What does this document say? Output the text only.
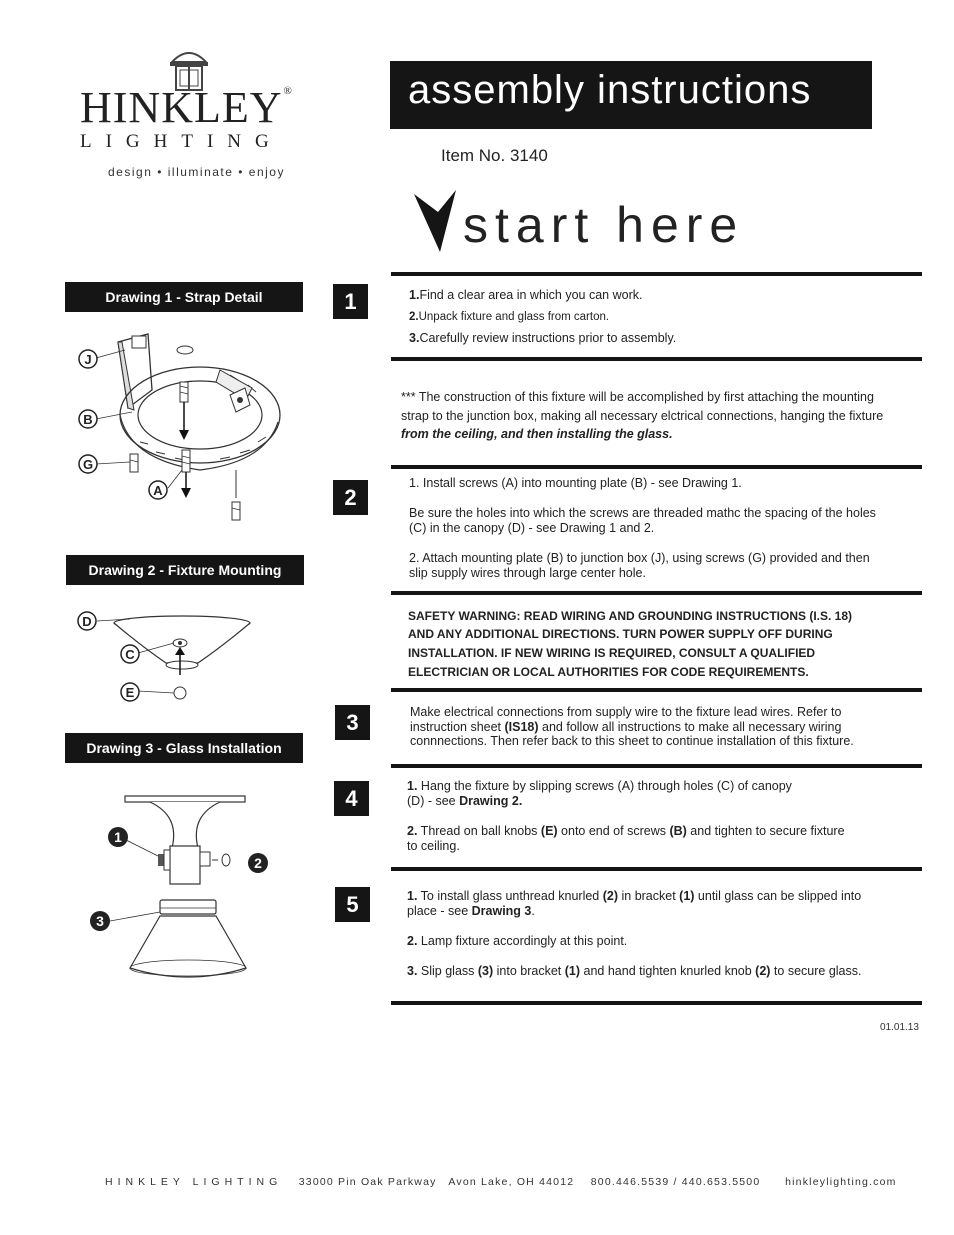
HINKLEY®
LIGHTING
design • illuminate • enjoy
assembly instructions
Item No. 3140
start here
Drawing 1 - Strap Detail
Drawing 2 - Fixture Mounting
Drawing 3 - Glass Installation
J
B
G
A
D
C
E
1
2
3
1
2
3
4
5
1.Find a clear area in which you can work.
2.Unpack fixture and glass from carton.
3.Carefully review instructions prior to assembly.
*** The construction of this fixture will be accomplished by first attaching the mounting
strap to the junction box, making all necessary elctrical connections, hanging the fixture
from the ceiling, and then installing the glass.
1. Install screws (A) into mounting plate (B) - see Drawing 1.
Be sure the holes into which the screws are threaded mathc the spacing of the holes
(C) in the canopy (D) - see Drawing 1 and 2.
2. Attach mounting plate (B) to junction box (J), using screws (G) provided and then
slip supply wires through large center hole.
SAFETY WARNING: READ WIRING AND GROUNDING INSTRUCTIONS (I.S. 18)
AND ANY ADDITIONAL DIRECTIONS. TURN POWER SUPPLY OFF DURING
INSTALLATION. IF NEW WIRING IS REQUIRED, CONSULT A QUALIFIED
ELECTRICIAN OR LOCAL AUTHORITIES FOR CODE REQUIREMENTS.
Make electrical connections from supply wire to the fixture lead wires. Refer to
instruction sheet (IS18) and follow all instructions to make all necessary wiring
connnections. Then refer back to this sheet to continue installation of this fixture.
1. Hang the fixture by slipping screws (A) through holes (C) of canopy
(D) - see Drawing 2.
2. Thread on ball knobs (E) onto end of screws (B) and tighten to secure fixture
to ceiling.
1. To install glass unthread knurled (2) in bracket (1) until glass can be slipped into
place - see Drawing 3.
2. Lamp fixture accordingly at this point.
3. Slip glass (3) into bracket (1) and hand tighten knurled knob (2) to secure glass.
01.01.13
HINKLEY LIGHTING 33000 Pin Oak Parkway   Avon Lake, OH 44012 800.446.5539 / 440.653.5500 hinkleylighting.com
